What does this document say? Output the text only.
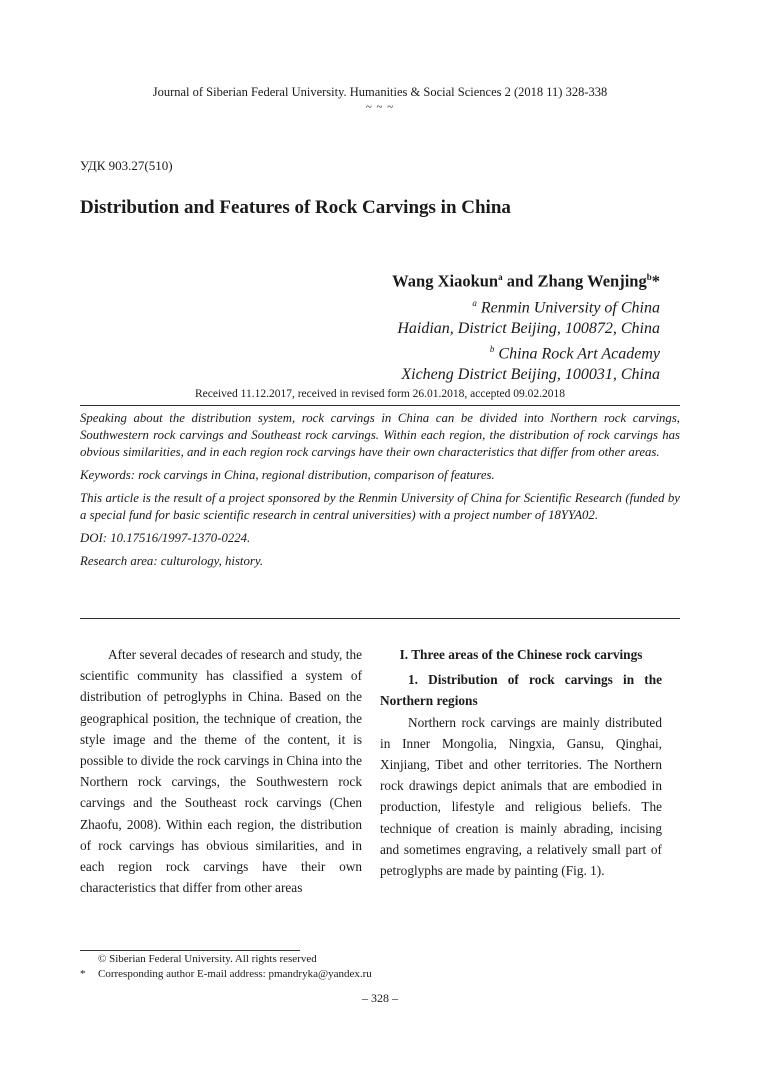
Journal of Siberian Federal University. Humanities & Social Sciences 2 (2018 11) 328-338
~ ~ ~
УДК 903.27(510)
Distribution and Features of Rock Carvings in China
Wang Xiaokun$^a$ and Zhang Wenjing$^b$*
$^a$ Renmin University of China
Haidian, District Beijing, 100872, China
$^b$ China Rock Art Academy
Xicheng District Beijing, 100031, China
Received 11.12.2017, received in revised form 26.01.2018, accepted 09.02.2018

Speaking about the distribution system, rock carvings in China can be divided into Northern rock carvings, Southwestern rock carvings and Southeast rock carvings. Within each region, the distribution of rock carvings has obvious similarities, and in each region rock carvings have their own characteristics that differ from other areas.

Keywords: rock carvings in China, regional distribution, comparison of features.

This article is the result of a project sponsored by the Renmin University of China for Scientific Research (funded by a special fund for basic scientific research in central universities) with a project number of 18YYA02.

DOI: 10.17516/1997-1370-0224.

Research area: culturology, history.

After several decades of research and study, the scientific community has classified a system of distribution of petroglyphs in China. Based on the geographical position, the technique of creation, the style image and the theme of the content, it is possible to divide the rock carvings in China into the Northern rock carvings, the Southwestern rock carvings and the Southeast rock carvings (Chen Zhaofu, 2008). Within each region, the distribution of rock carvings has obvious similarities, and in each region rock carvings have their own characteristics that differ from other areas

I. Three areas of the Chinese rock carvings

1. Distribution of rock carvings in the Northern regions

Northern rock carvings are mainly distributed in Inner Mongolia, Ningxia, Gansu, Qinghai, Xinjiang, Tibet and other territories. The Northern rock drawings depict animals that are embodied in production, lifestyle and religious beliefs. The technique of creation is mainly abrading, incising and sometimes engraving, a relatively small part of petroglyphs are made by painting (Fig. 1).

© Siberian Federal University. All rights reserved
*	Corresponding author E-mail address: pmandryka@yandex.ru
– 328 –
